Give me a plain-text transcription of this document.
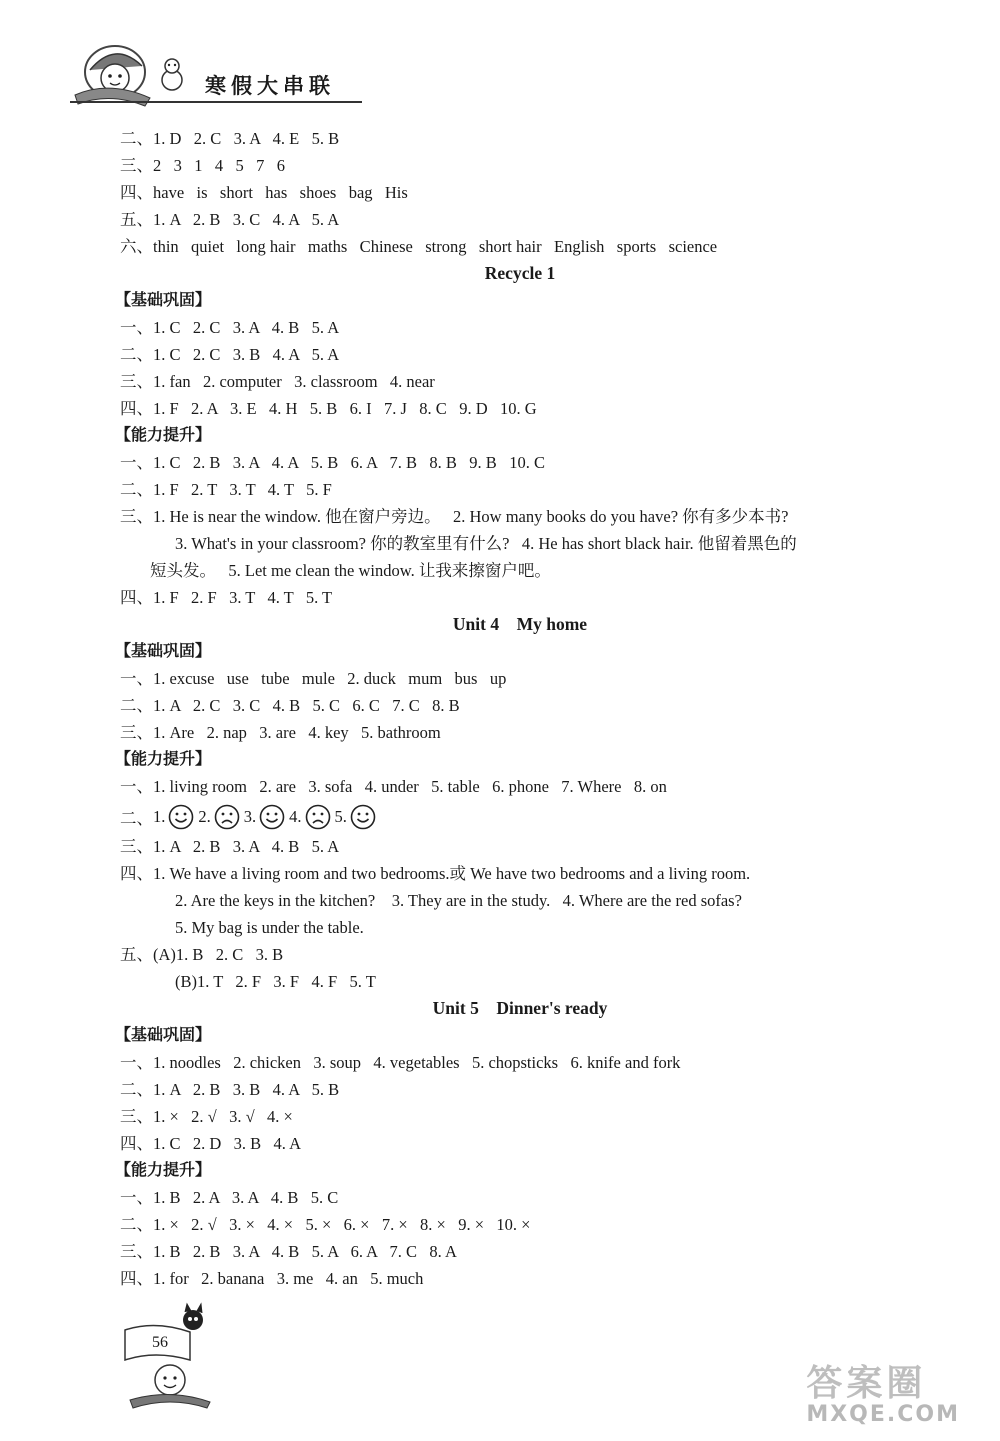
寒假大串联
二、1. D   2. C   3. A   4. E   5. B
三、2   3   1   4   5   7   6
四、have   is   short   has   shoes   bag   His
五、1. A   2. B   3. C   4. A   5. A
六、thin   quiet   long hair   maths   Chinese   strong   short hair   English   sports   science
Recycle 1
【基础巩固】
一、1. C   2. C   3. A   4. B   5. A
二、1. C   2. C   3. B   4. A   5. A
三、1. fan   2. computer   3. classroom   4. near
四、1. F   2. A   3. E   4. H   5. B   6. I   7. J   8. C   9. D   10. G
【能力提升】
一、1. C   2. B   3. A   4. A   5. B   6. A   7. B   8. B   9. B   10. C
二、1. F   2. T   3. T   4. T   5. F
三、1. He is near the window. 他在窗户旁边。   2. How many books do you have? 你有多少本书?
3. What's in your classroom? 你的教室里有什么?   4. He has short black hair. 他留着黑色的
短头发。   5. Let me clean the window. 让我来擦窗户吧。
四、1. F   2. F   3. T   4. T   5. T
Unit 4    My home
【基础巩固】
一、1. excuse   use   tube   mule   2. duck   mum   bus   up
二、1. A   2. C   3. C   4. B   5. C   6. C   7. C   8. B
三、1. Are   2. nap   3. are   4. key   5. bathroom
【能力提升】
一、1. living room   2. are   3. sofa   4. under   5. table   6. phone   7. Where   8. on
二、 1. 2. 3. 4. 5.
三、1. A   2. B   3. A   4. B   5. A
四、1. We have a living room and two bedrooms.或 We have two bedrooms and a living room.
2. Are the keys in the kitchen?    3. They are in the study.   4. Where are the red sofas?
5. My bag is under the table.
五、(A)1. B   2. C   3. B
(B)1. T   2. F   3. F   4. F   5. T
Unit 5    Dinner's ready
【基础巩固】
一、1. noodles   2. chicken   3. soup   4. vegetables   5. chopsticks   6. knife and fork
二、1. A   2. B   3. B   4. A   5. B
三、1. ×   2. √   3. √   4. ×
四、1. C   2. D   3. B   4. A
【能力提升】
一、1. B   2. A   3. A   4. B   5. C
二、1. ×   2. √   3. ×   4. ×   5. ×   6. ×   7. ×   8. ×   9. ×   10. ×
三、1. B   2. B   3. A   4. B   5. A   6. A   7. C   8. A
四、1. for   2. banana   3. me   4. an   5. much
56
答案圈
MXQE.COM
